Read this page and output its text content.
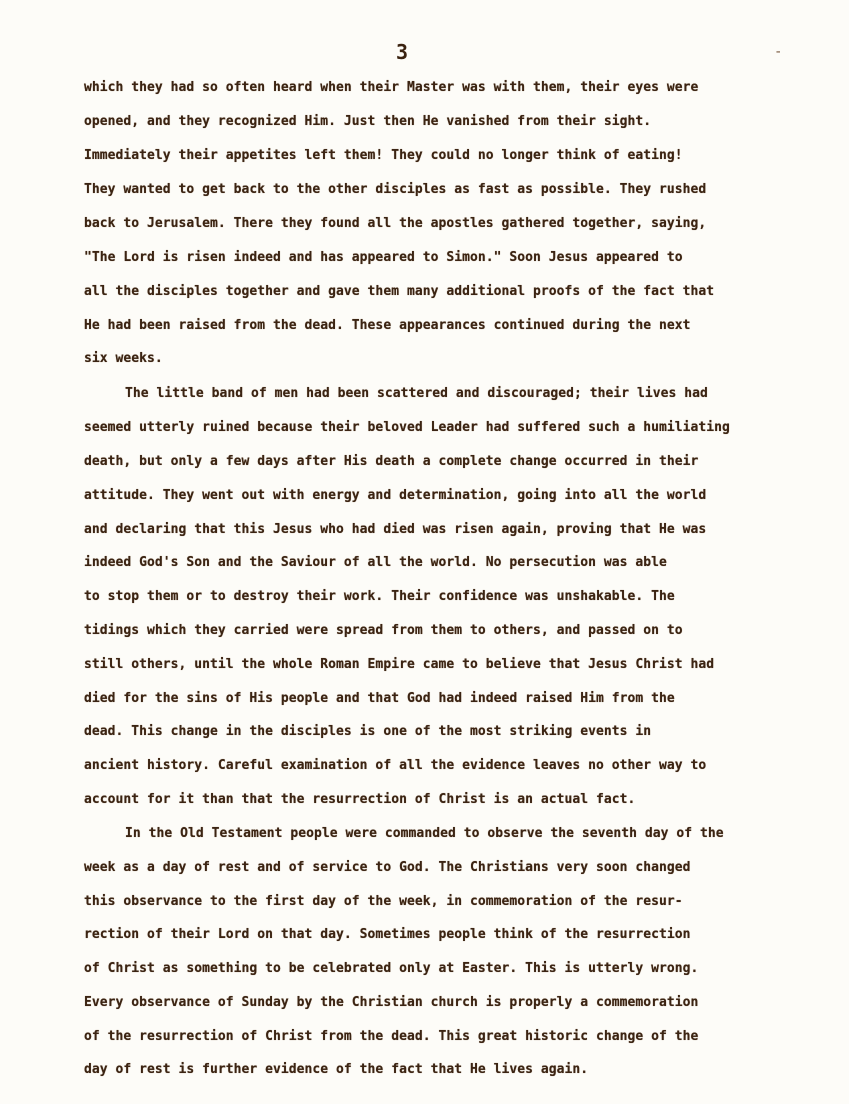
3	-
which they had so often heard when their Master was with them, their eyes were
opened, and they recognized Him. Just then He vanished from their sight.
Immediately their appetites left them! They could no longer think of eating!
They wanted to get back to the other disciples as fast as possible. They rushed
back to Jerusalem. There they found all the apostles gathered together, saying,
"The Lord is risen indeed and has appeared to Simon." Soon Jesus appeared to
all the disciples together and gave them many additional proofs of the fact that
He had been raised from the dead. These appearances continued during the next
six weeks.
The little band of men had been scattered and discouraged; their lives had
seemed utterly ruined because their beloved Leader had suffered such a humiliating
death, but only a few days after His death a complete change occurred in their
attitude. They went out with energy and determination, going into all the world
and declaring that this Jesus who had died was risen again, proving that He was
indeed God's Son and the Saviour of all the world. No persecution was able
to stop them or to destroy their work. Their confidence was unshakable. The
tidings which they carried were spread from them to others, and passed on to
still others, until the whole Roman Empire came to believe that Jesus Christ had
died for the sins of His people and that God had indeed raised Him from the
dead. This change in the disciples is one of the most striking events in
ancient history. Careful examination of all the evidence leaves no other way to
account for it than that the resurrection of Christ is an actual fact.
In the Old Testament people were commanded to observe the seventh day of the
week as a day of rest and of service to God. The Christians very soon changed
this observance to the first day of the week, in commemoration of the resur-
rection of their Lord on that day. Sometimes people think of the resurrection
of Christ as something to be celebrated only at Easter. This is utterly wrong.
Every observance of Sunday by the Christian church is properly a commemoration
of the resurrection of Christ from the dead. This great historic change of the
day of rest is further evidence of the fact that He lives again.
